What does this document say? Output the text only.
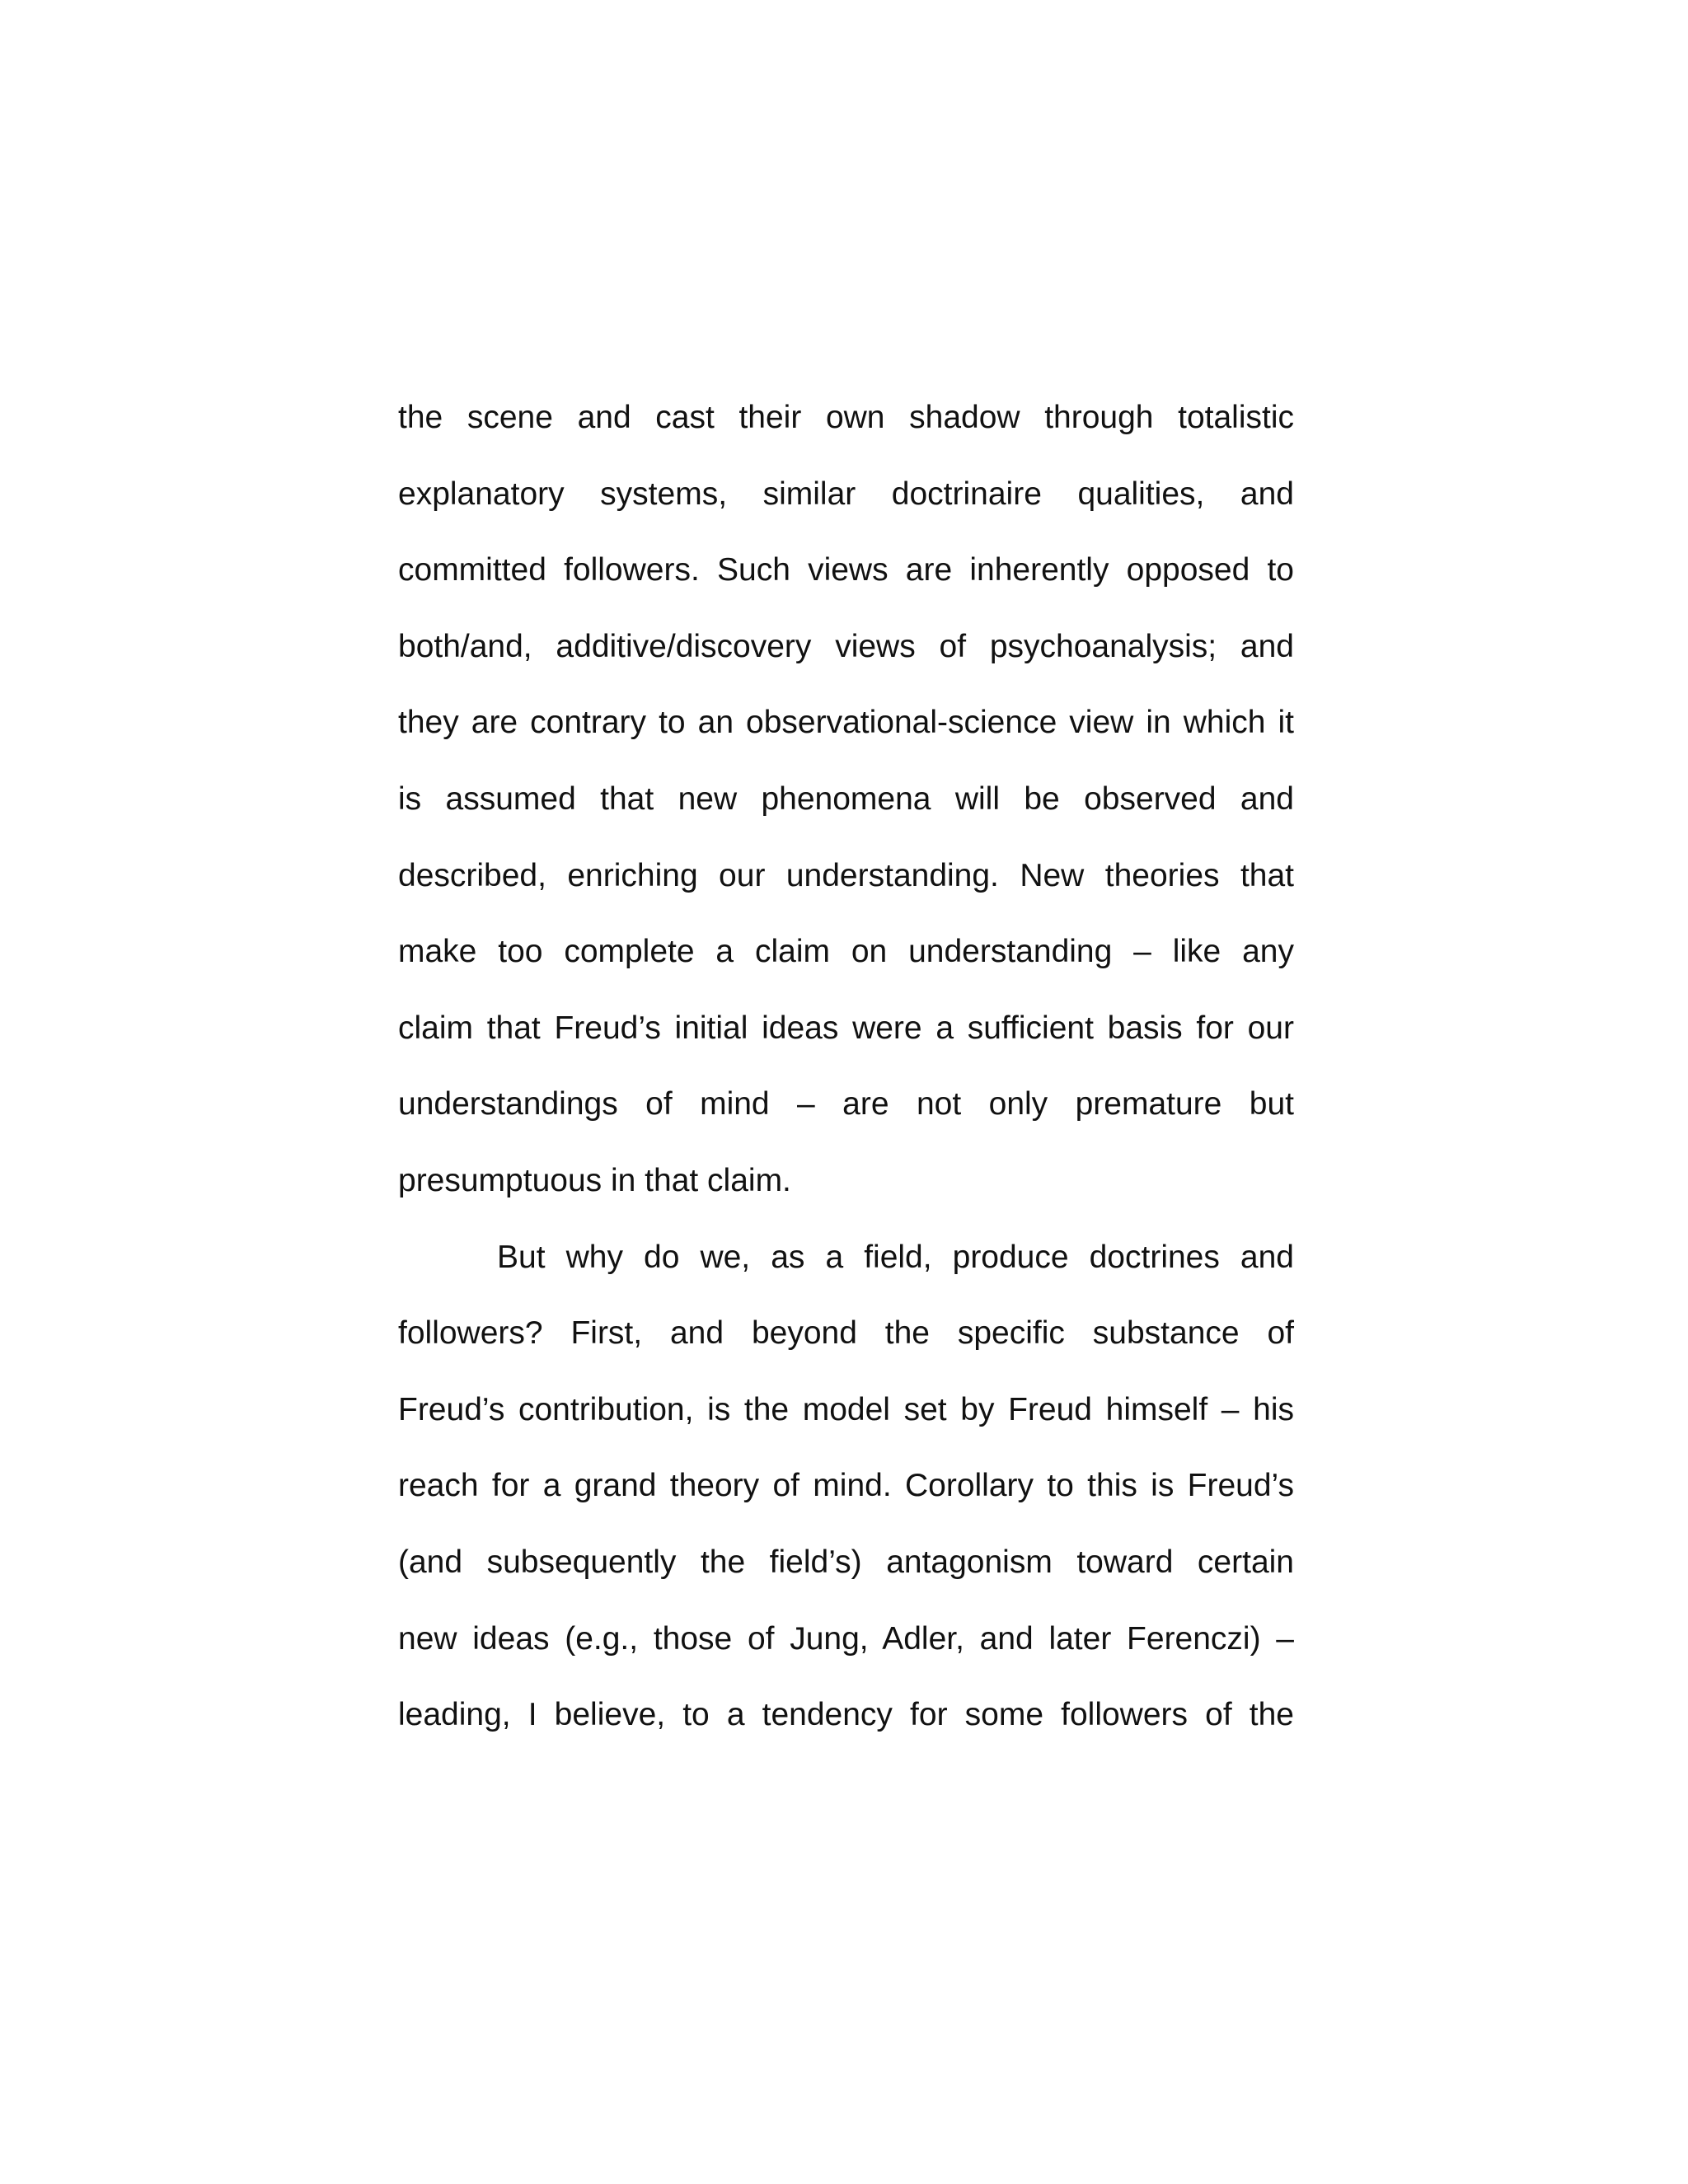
the scene and cast their own shadow through totalistic
explanatory systems, similar doctrinaire qualities, and
committed followers. Such views are inherently opposed to
both/and, additive/discovery views of psychoanalysis; and
they are contrary to an observational-science view in which it
is assumed that new phenomena will be observed and
described, enriching our understanding. New theories that
make too complete a claim on understanding – like any
claim that Freud’s initial ideas were a sufficient basis for our
understandings of mind – are not only premature but
presumptuous in that claim.
But why do we, as a field, produce doctrines and
followers? First, and beyond the specific substance of
Freud’s contribution, is the model set by Freud himself – his
reach for a grand theory of mind. Corollary to this is Freud’s
(and subsequently the field’s) antagonism toward certain
new ideas (e.g., those of Jung, Adler, and later Ferenczi) –
leading, I believe, to a tendency for some followers of the
